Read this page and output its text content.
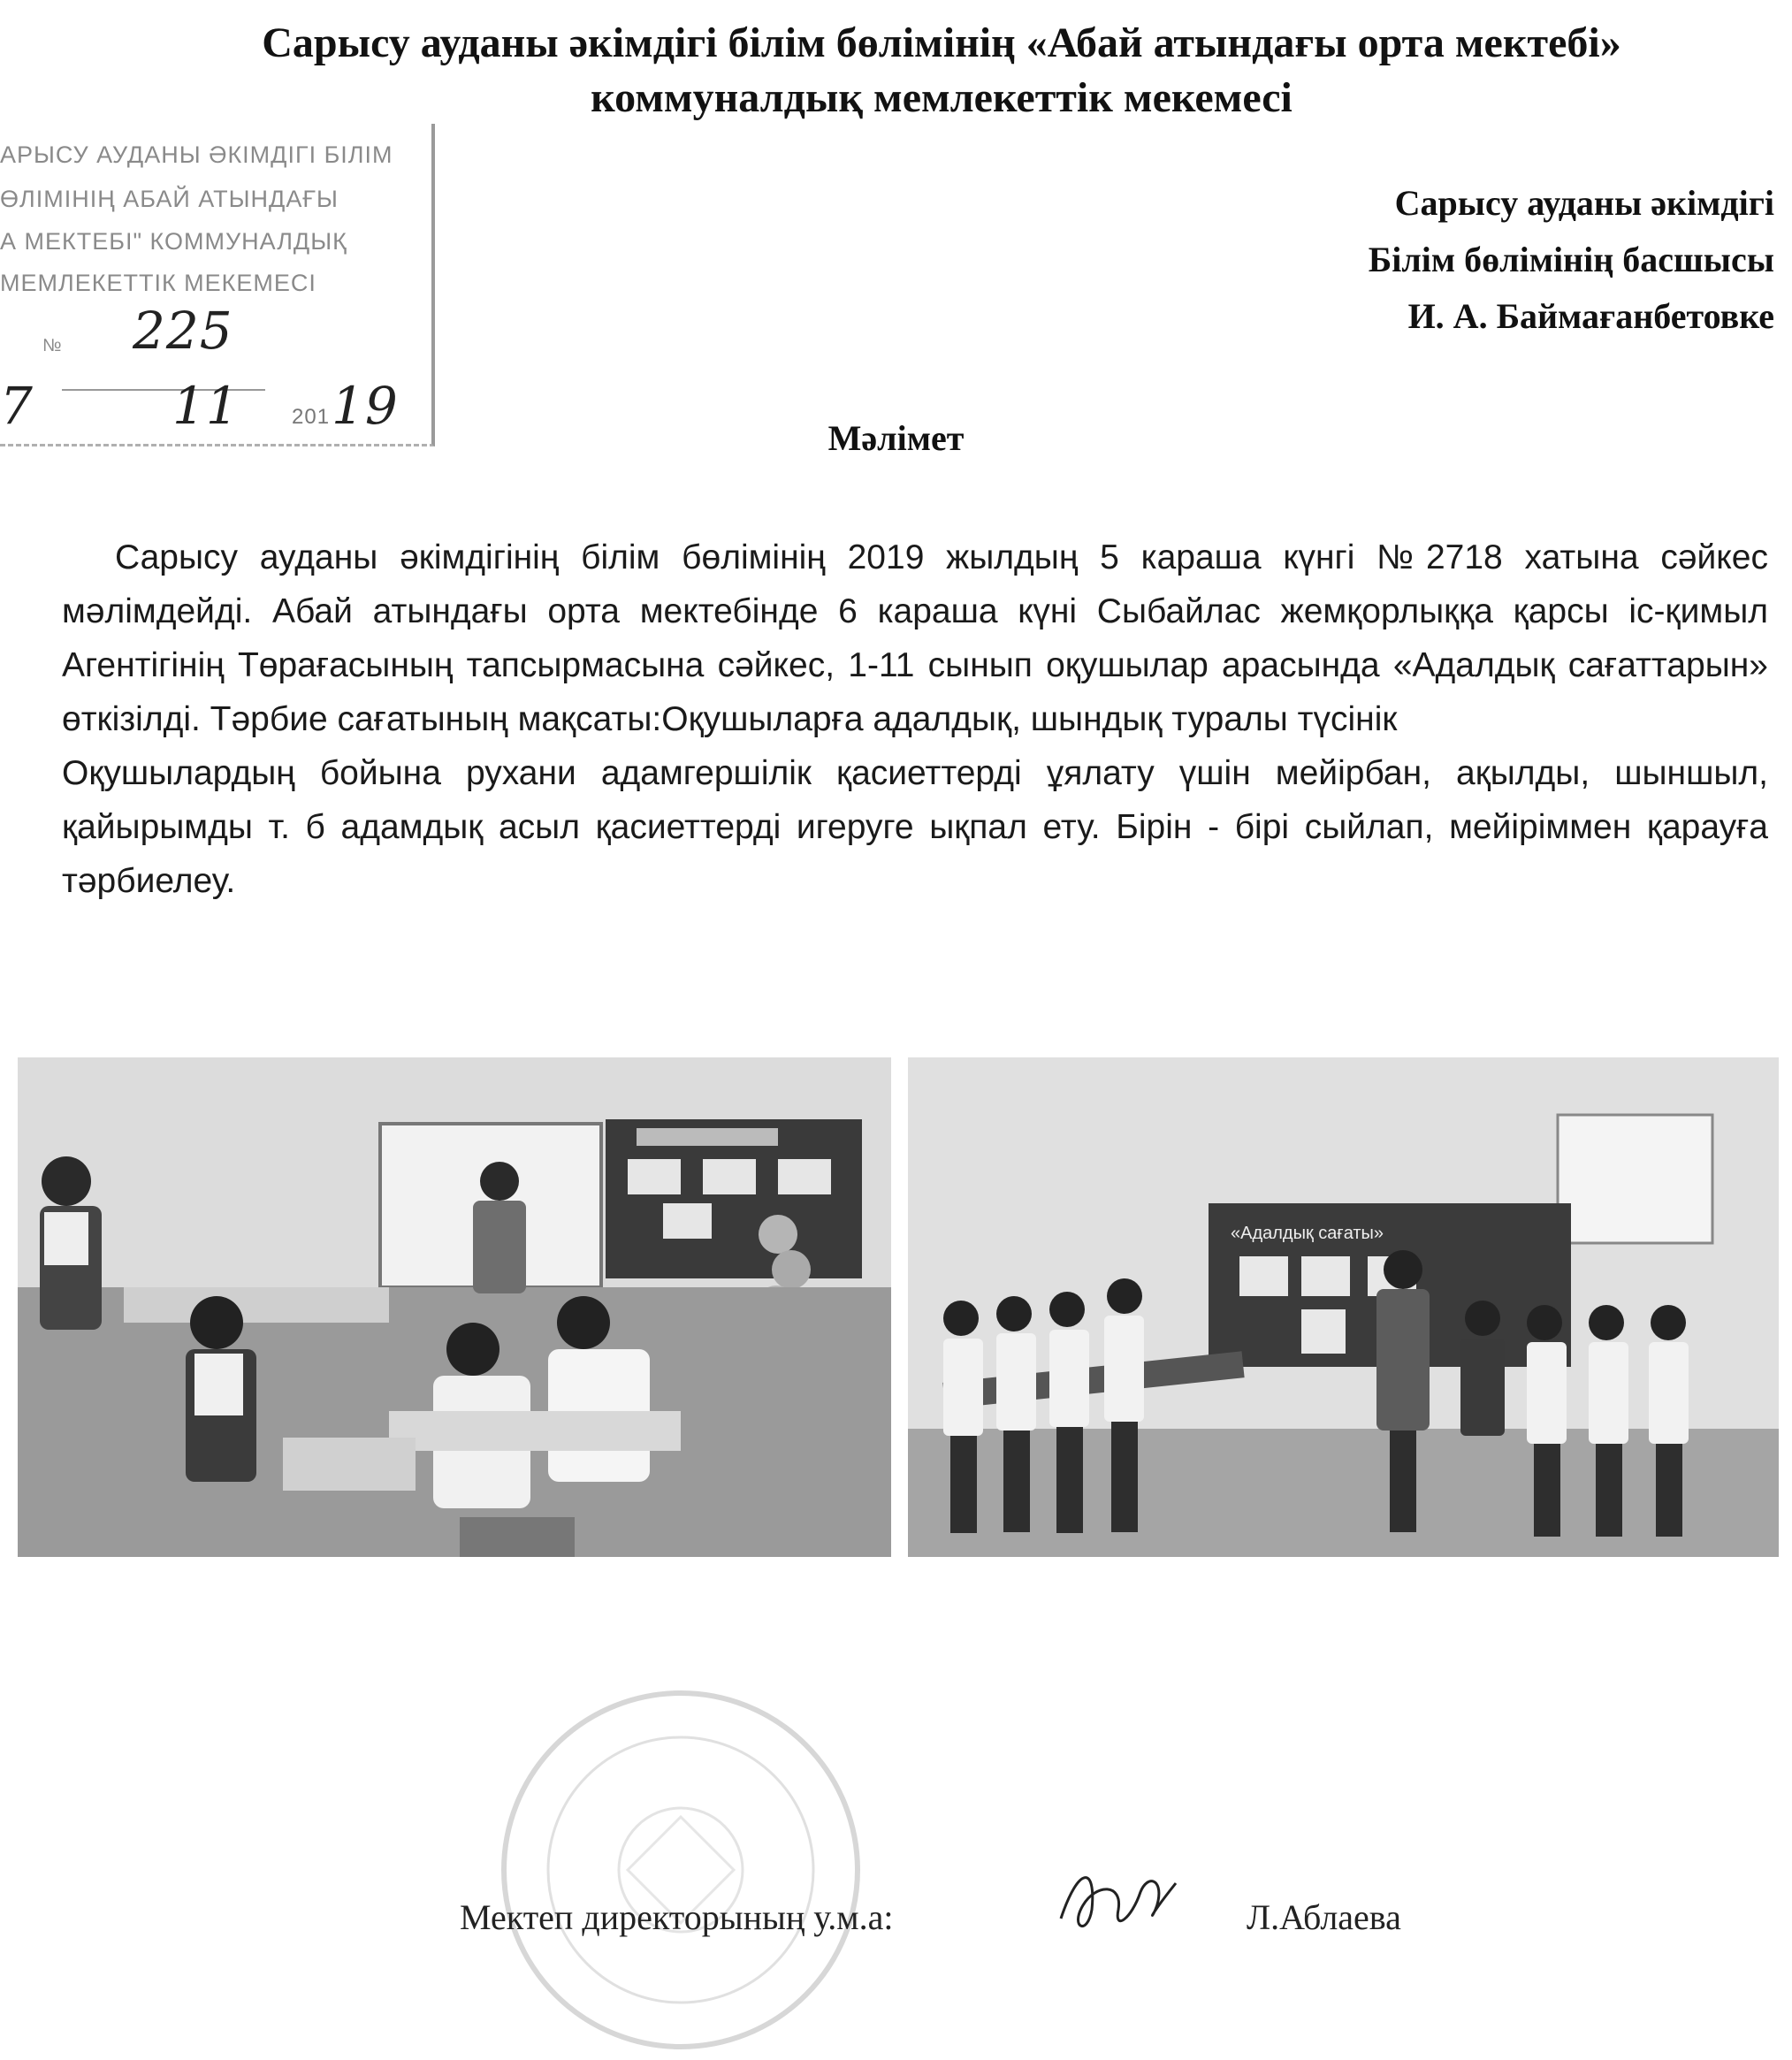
Сарысу ауданы әкімдігі білім бөлімінің «Абай атындағы орта мектебі»
коммуналдық мемлекеттік мекемесі
АРЫСУ АУДАНЫ ӘКІМДІГІ БІЛІМ
ӨЛІМІНІҢ АБАЙ АТЫНДАҒЫ
А МЕКТЕБІ" КОММУНАЛДЫҚ
МЕМЛЕКЕТТІК МЕКЕМЕСІ
№ 225
7	11 201 19
Сарысу ауданы әкімдігі
Білім бөлімінің басшысы
И. А. Баймағанбетовке
Мәлімет

Сарысу ауданы әкімдігінің білім бөлімінің 2019 жылдың 5 караша күнгі №2718 хатына сәйкес мәлімдейді. Абай атындағы орта мектебінде 6 караша күні Сыбайлас жемқорлыққа қарсы іс-қимыл Агентігінің Төрағасының тапсырмасына сәйкес, 1-11 сынып оқушылар арасында «Адалдық сағаттарын» өткізілді. Тәрбие сағатының мақсаты:Оқушыларға адалдық, шындық туралы түсінік

Оқушылардың бойына рухани адамгершілік қасиеттерді ұялату үшін мейірбан, ақылды, шыншыл, қайырымды т. б адамдық асыл қасиеттерді игеруге ықпал ету. Бірін - бірі сыйлап, мейіріммен қарауға тәрбиелеу.

«Адалдық сағаты»
Мектеп директорының у.м.а:	Л.Аблаева
